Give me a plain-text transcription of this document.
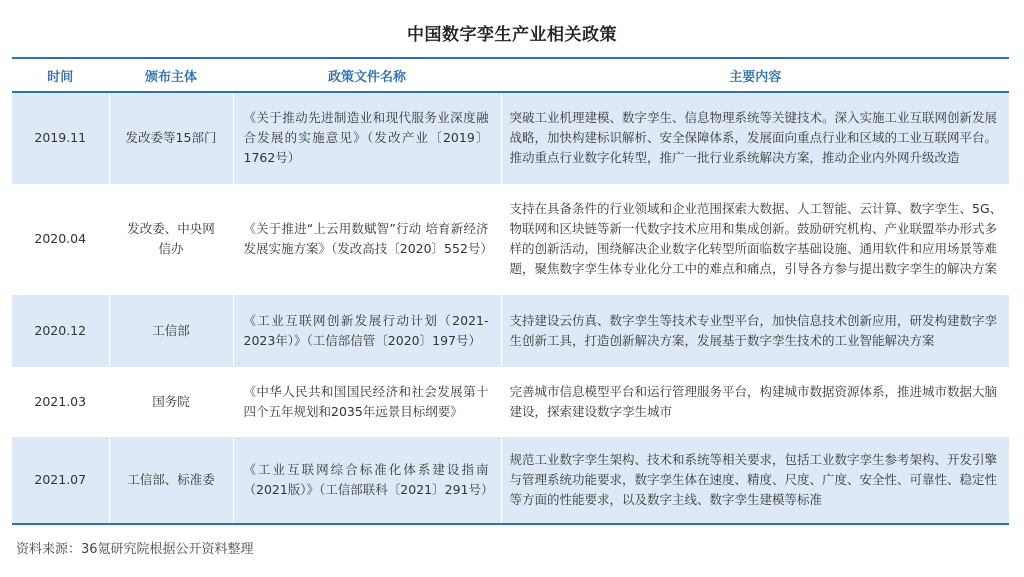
中国数字孪生产业相关政策
时间	颁布主体	政策文件名称	主要内容
2019.11	发改委等15部门	《关于推动先进制造业和现代服务业深度融合发展的实施意见》（发改产业〔2019〕1762号）	突破工业机理建模、数字孪生、信息物理系统等关键技术。深入实施工业互联网创新发展战略，加快构建标识解析、安全保障体系，发展面向重点行业和区域的工业互联网平台。推动重点行业数字化转型，推广一批行业系统解决方案，推动企业内外网升级改造
2020.04	发改委、中央网信办	《关于推进“上云用数赋智”行动 培育新经济发展实施方案》（发改高技〔2020〕552号）	支持在具备条件的行业领域和企业范围探索大数据、人工智能、云计算、数字孪生、5G、物联网和区块链等新一代数字技术应用和集成创新。鼓励研究机构、产业联盟举办形式多样的创新活动，围绕解决企业数字化转型所面临数字基础设施、通用软件和应用场景等难题，聚焦数字孪生体专业化分工中的难点和痛点，引导各方参与提出数字孪生的解决方案
2020.12	工信部	《工业互联网创新发展行动计划（2021-2023年）》（工信部信管〔2020〕197号）	支持建设云仿真、数字孪生等技术专业型平台，加快信息技术创新应用，研发构建数字孪生创新工具，打造创新解决方案，发展基于数字孪生技术的工业智能解决方案
2021.03	国务院	《中华人民共和国国民经济和社会发展第十四个五年规划和2035年远景目标纲要》	完善城市信息模型平台和运行管理服务平台，构建城市数据资源体系，推进城市数据大脑建设，探索建设数字孪生城市
2021.07	工信部、标准委	《工业互联网综合标准化体系建设指南（2021版）》（工信部联科〔2021〕291号）	规范工业数字孪生架构、技术和系统等相关要求，包括工业数字孪生参考架构、开发引擎与管理系统功能要求，数字孪生体在速度、精度、尺度、广度、安全性、可靠性、稳定性等方面的性能要求，以及数字主线、数字孪生建模等标准
资料来源：36氪研究院根据公开资料整理
